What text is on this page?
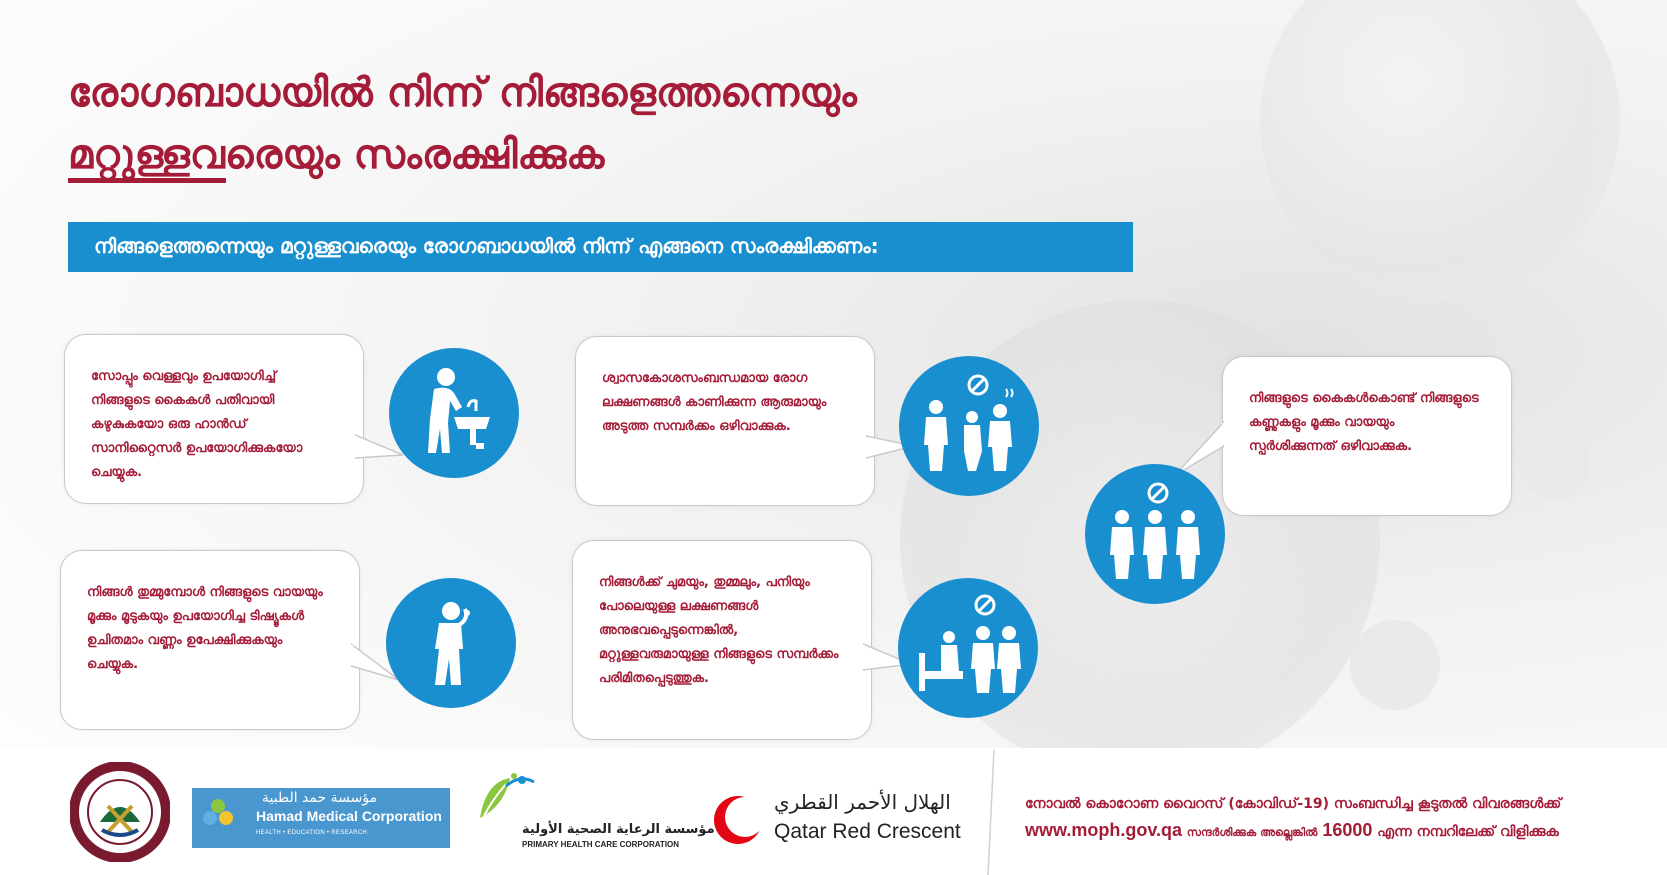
രോഗബാധയിൽ നിന്ന് നിങ്ങളെത്തന്നെയും
മറ്റുള്ളവരെയും സംരക്ഷിക്കുക
നിങ്ങളെത്തന്നെയും മറ്റുള്ളവരെയും രോഗബാധയിൽ നിന്ന് എങ്ങനെ സംരക്ഷിക്കണം:
സോപ്പും വെള്ളവും ഉപയോഗിച്ച് നിങ്ങളുടെ കൈകൾ പതിവായി കഴുകുകയോ ഒരു ഹാൻഡ് സാനിറ്റൈസർ ഉപയോഗിക്കുകയോ ചെയ്യുക.
ശ്വാസകോശസംബന്ധമായ രോഗ ലക്ഷണങ്ങൾ കാണിക്കുന്ന ആരുമായും അടുത്ത സമ്പർക്കം ഒഴിവാക്കുക.
നിങ്ങളുടെ കൈകൾകൊണ്ട് നിങ്ങളുടെ കണ്ണുകളും മൂക്കും വായയും സ്പർശിക്കുന്നത് ഒഴിവാക്കുക.
നിങ്ങൾ തുമ്മുമ്പോൾ നിങ്ങളുടെ വായയും മൂക്കും മൂടുകയും ഉപയോഗിച്ച ടിഷ്യൂകൾ ഉചിതമാം വണ്ണം ഉപേക്ഷിക്കുകയും ചെയ്യുക.
നിങ്ങൾക്ക് ചുമയും, തുമ്മലും, പനിയും പോലെയുള്ള ലക്ഷണങ്ങൾ അനുഭവപ്പെടുന്നെങ്കിൽ, മറ്റുള്ളവരുമായുള്ള നിങ്ങളുടെ സമ്പർക്കം പരിമിതപ്പെടുത്തുക.
مؤسسة حمد الطبية
Hamad Medical Corporation
HEALTH • EDUCATION • RESEARCH	مؤسسة الرعاية الصحية الأولية
PRIMARY HEALTH CARE CORPORATION
الهلال الأحمر القطري
Qatar Red Crescent
നോവൽ കൊറോണ വൈറസ് (കോവിഡ്-19) സംബന്ധിച്ച കൂടുതൽ വിവരങ്ങൾക്ക്
www.moph.gov.qa സന്ദർശിക്കുക അല്ലെങ്കിൽ 16000 എന്ന നമ്പറിലേക്ക് വിളിക്കുക
